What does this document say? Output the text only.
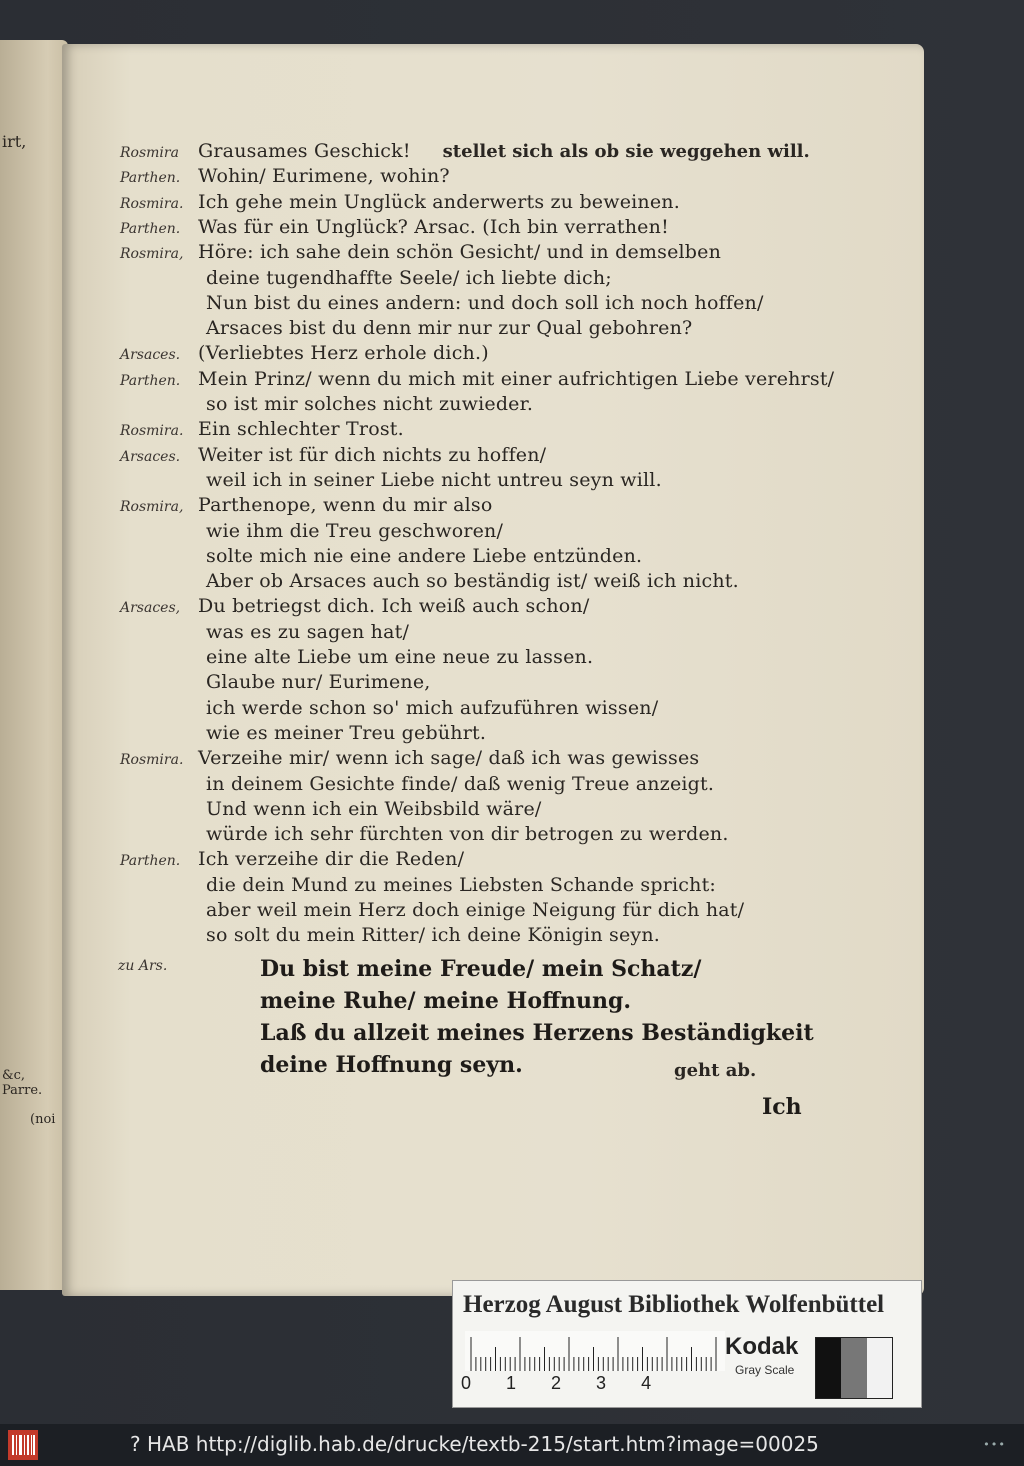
irt,
&c, Parre.
(noi
Rosmira Grausames Geschick! stellet sich als ob sie weggehen will.
Parthen. Wohin/ Eurimene, wohin?
Rosmira. Ich gehe mein Unglück anderwerts zu beweinen.
Parthen. Was für ein Unglück? Arsac. (Ich bin verrathen!
Rosmira, Höre: ich sahe dein schön Gesicht/ und in demselben
deine tugendhaffte Seele/ ich liebte dich;
Nun bist du eines andern: und doch soll ich noch hoffen/
Arsaces bist du denn mir nur zur Qual gebohren?
Arsaces. (Verliebtes Herz erhole dich.)
Parthen. Mein Prinz/ wenn du mich mit einer aufrichtigen Liebe verehrst/
so ist mir solches nicht zuwieder.
Rosmira. Ein schlechter Trost.
Arsaces. Weiter ist für dich nichts zu hoffen/
weil ich in seiner Liebe nicht untreu seyn will.
Rosmira, Parthenope, wenn du mir also
wie ihm die Treu geschworen/
solte mich nie eine andere Liebe entzünden.
Aber ob Arsaces auch so beständig ist/ weiß ich nicht.
Arsaces, Du betriegst dich. Ich weiß auch schon/
was es zu sagen hat/
eine alte Liebe um eine neue zu lassen.
Glaube nur/ Eurimene,
ich werde schon so' mich aufzuführen wissen/
wie es meiner Treu gebührt.
Rosmira. Verzeihe mir/ wenn ich sage/ daß ich was gewisses
in deinem Gesichte finde/ daß wenig Treue anzeigt.
Und wenn ich ein Weibsbild wäre/
würde ich sehr fürchten von dir betrogen zu werden.
Parthen. Ich verzeihe dir die Reden/
die dein Mund zu meines Liebsten Schande spricht:
aber weil mein Herz doch einige Neigung für dich hat/
so solt du mein Ritter/ ich deine Königin seyn.
zu Ars.	Du bist meine Freude/ mein Schatz/
meine Ruhe/ meine Hoffnung.
Laß du allzeit meines Herzens Beständigkeit
deine Hoffnung seyn.	geht ab.
Ich
Herzog August Bibliothek Wolfenbüttel
0 1 2 3 4
Kodak
Gray Scale
? HAB http://diglib.hab.de/drucke/textb-215/start.htm?image=00025	•••
